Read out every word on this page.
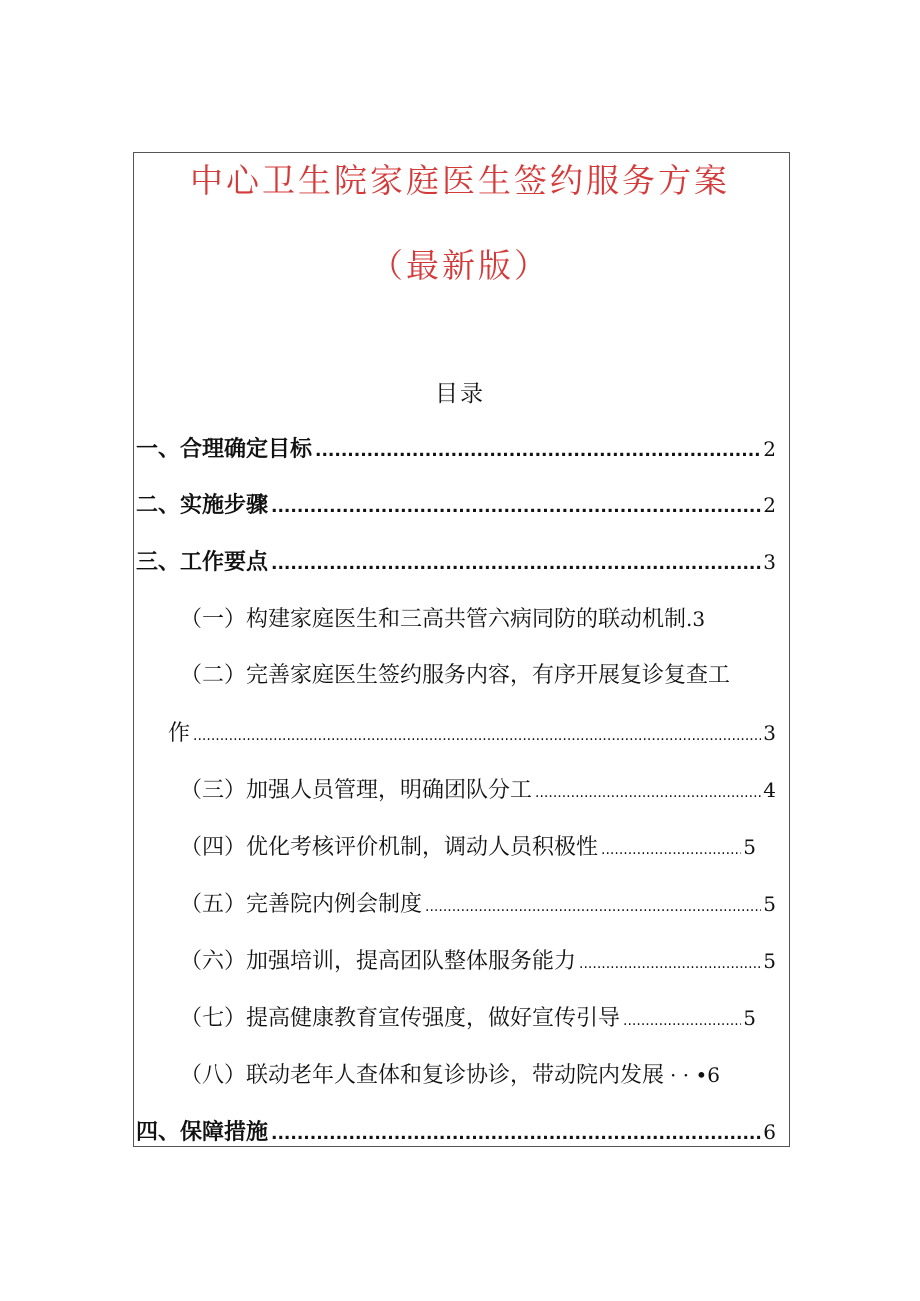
中心卫生院家庭医生签约服务方案
（最新版）
目录
一、合理确定目标 .....	2
二、实施步骤 .....	2
三、工作要点 .....	3
（一）构建家庭医生和三高共管六病同防的联动机制 .3
（二）完善家庭医生签约服务内容，有序开展复诊复查工
作 .....	3
（三）加强人员管理，明确团队分工 .....	4
（四）优化考核评价机制，调动人员积极性 .....	5
（五）完善院内例会制度 .....	5
（六）加强培训，提高团队整体服务能力 .....	5
（七）提高健康教育宣传强度，做好宣传引导 .....	5
（八）联动老年人查体和复诊协诊，带动院内发展 · · •6
四、保障措施 .....	6
